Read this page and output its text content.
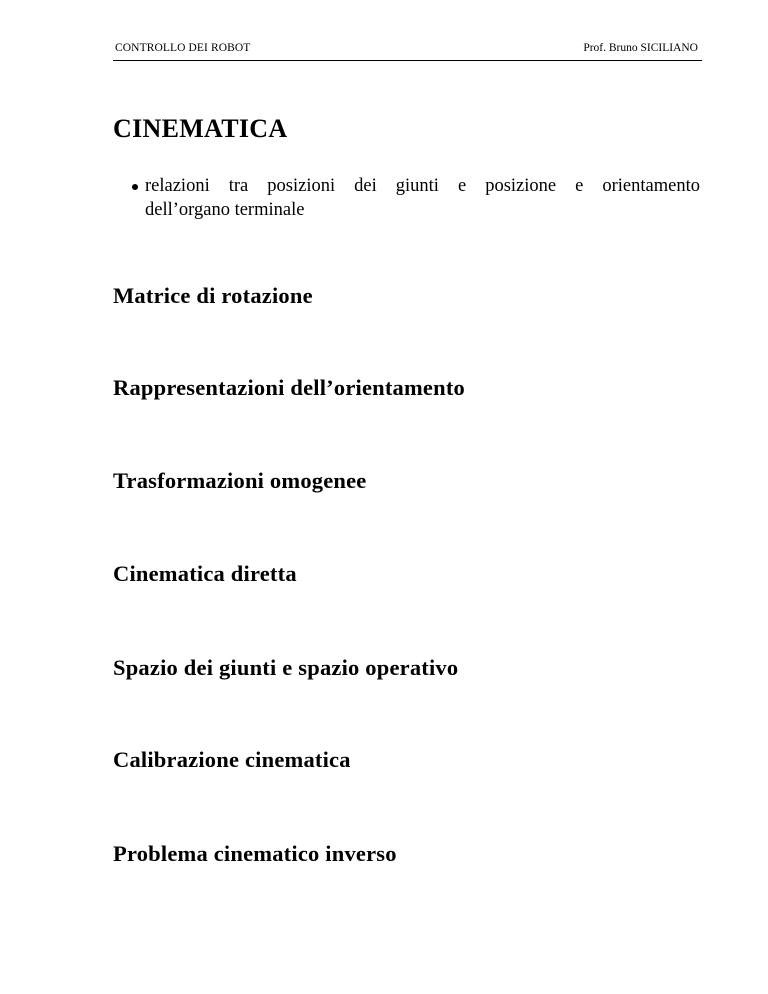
CONTROLLO DEI ROBOT	Prof. Bruno SICILIANO
CINEMATICA
relazioni tra posizioni dei giunti e posizione e orientamento
dell’organo terminale
Matrice di rotazione
Rappresentazioni dell’orientamento
Trasformazioni omogenee
Cinematica diretta
Spazio dei giunti e spazio operativo
Calibrazione cinematica
Problema cinematico inverso
